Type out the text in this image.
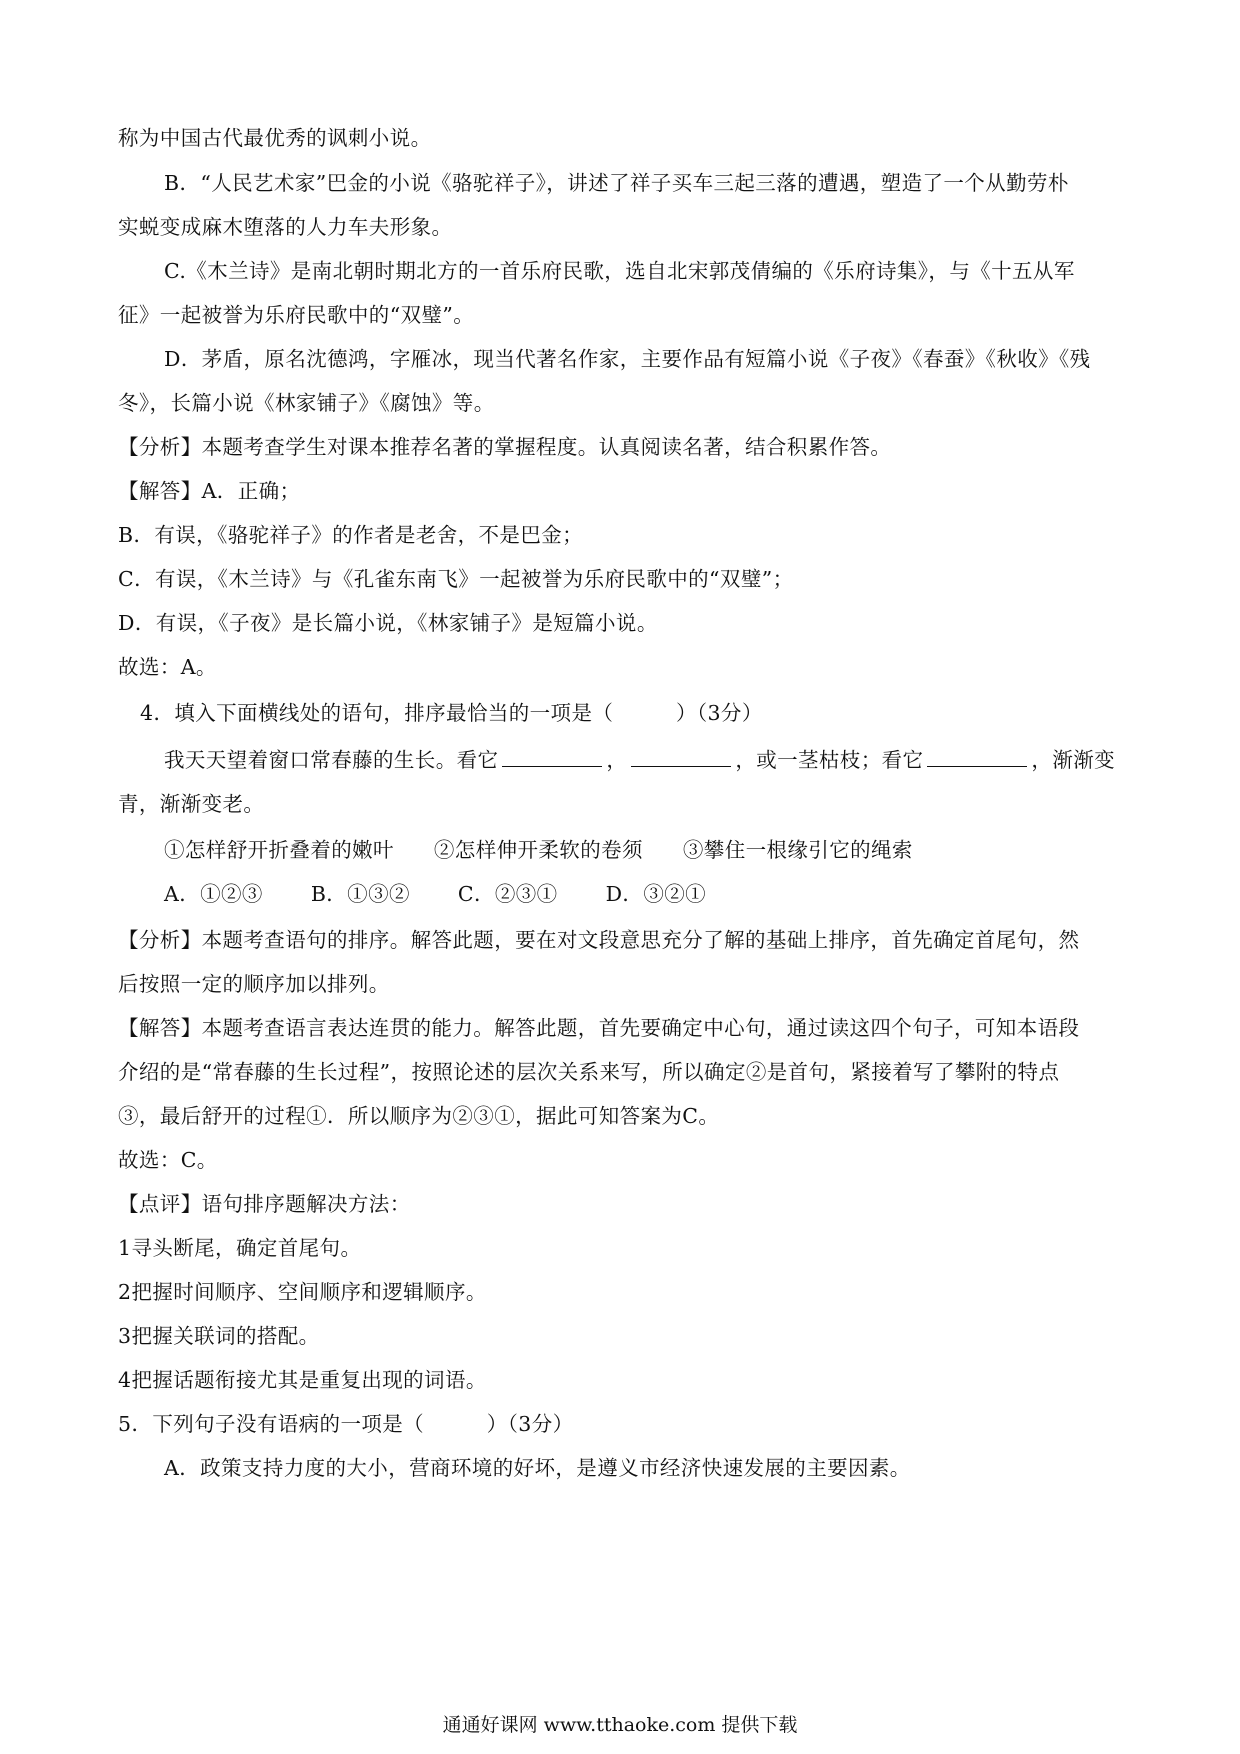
称为中国古代最优秀的讽刺小说。
B．“人民艺术家”巴金的小说《骆驼祥子》，讲述了祥子买车三起三落的遭遇，塑造了一个从勤劳朴
实蜕变成麻木堕落的人力车夫形象。
C.《木兰诗》是南北朝时期北方的一首乐府民歌，选自北宋郭茂倩编的《乐府诗集》，与《十五从军
征》一起被誉为乐府民歌中的“双璧”。
D．茅盾，原名沈德鸿，字雁冰，现当代著名作家，主要作品有短篇小说《子夜》《春蚕》《秋收》《残
冬》，长篇小说《林家铺子》《腐蚀》等。
【分析】本题考查学生对课本推荐名著的掌握程度。认真阅读名著，结合积累作答。
【解答】A．正确；
B．有误，《骆驼祥子》的作者是老舍，不是巴金；
C．有误，《木兰诗》与《孔雀东南飞》一起被誉为乐府民歌中的“双璧”；
D．有误，《子夜》是长篇小说，《林家铺子》是短篇小说。
故选：A。
4．填入下面横线处的语句，排序最恰当的一项是（　　　）（3分）
我天天望着窗口常春藤的生长。看它	，	，或一茎枯枝；看它	，渐渐变
青，渐渐变老。
①怎样舒开折叠着的嫩叶 ②怎样伸开柔软的卷须 ③攀住一根缘引它的绳索
A．①②③ B．①③② C．②③① D．③②①
【分析】本题考查语句的排序。解答此题，要在对文段意思充分了解的基础上排序，首先确定首尾句，然
后按照一定的顺序加以排列。
【解答】本题考查语言表达连贯的能力。解答此题，首先要确定中心句，通过读这四个句子，可知本语段
介绍的是“常春藤的生长过程”，按照论述的层次关系来写，所以确定②是首句，紧接着写了攀附的特点
③，最后舒开的过程①．所以顺序为②③①，据此可知答案为C。
故选：C。
【点评】语句排序题解决方法：
1寻头断尾，确定首尾句。
2把握时间顺序、空间顺序和逻辑顺序。
3把握关联词的搭配。
4把握话题衔接尤其是重复出现的词语。
5．下列句子没有语病的一项是（　　　）（3分）
A．政策支持力度的大小，营商环境的好坏，是遵义市经济快速发展的主要因素。
通通好课网 www.tthaoke.com 提供下载
